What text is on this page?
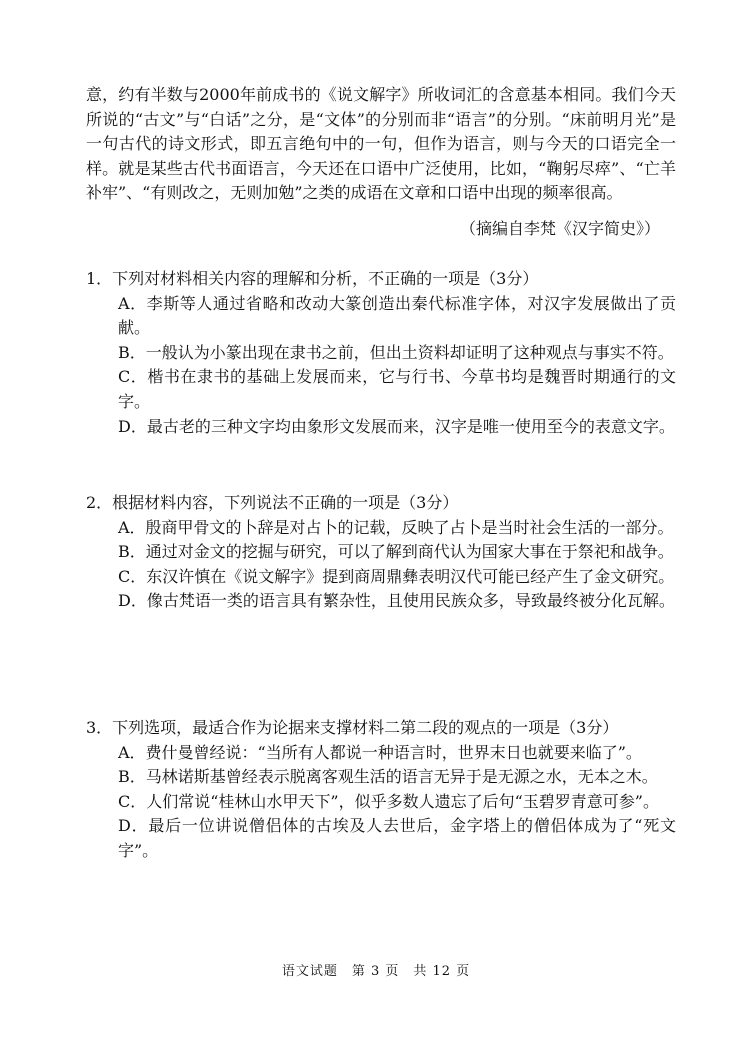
意，约有半数与2000年前成书的《说文解字》所收词汇的含意基本相同。我们今天所说的“古文”与“白话”之分，是“文体”的分别而非“语言”的分别。“床前明月光”是一句古代的诗文形式，即五言绝句中的一句，但作为语言，则与今天的口语完全一样。就是某些古代书面语言，今天还在口语中广泛使用，比如，“鞠躬尽瘁”、“亡羊补牢”、“有则改之，无则加勉”之类的成语在文章和口语中出现的频率很高。

（摘编自李梵《汉字简史》）

1．下列对材料相关内容的理解和分析，不正确的一项是（3分）

A．李斯等人通过省略和改动大篆创造出秦代标准字体，对汉字发展做出了贡献。

B．一般认为小篆出现在隶书之前，但出土资料却证明了这种观点与事实不符。

C．楷书在隶书的基础上发展而来，它与行书、今草书均是魏晋时期通行的文字。

D．最古老的三种文字均由象形文发展而来，汉字是唯一使用至今的表意文字。

2．根据材料内容，下列说法不正确的一项是（3分）

A．殷商甲骨文的卜辞是对占卜的记载，反映了占卜是当时社会生活的一部分。

B．通过对金文的挖掘与研究，可以了解到商代认为国家大事在于祭祀和战争。

C．东汉许慎在《说文解字》提到商周鼎彝表明汉代可能已经产生了金文研究。

D．像古梵语一类的语言具有繁杂性，且使用民族众多，导致最终被分化瓦解。

3．下列选项，最适合作为论据来支撑材料二第二段的观点的一项是（3分）

A．费什曼曾经说：“当所有人都说一种语言时，世界末日也就要来临了”。

B．马林诺斯基曾经表示脱离客观生活的语言无异于是无源之水，无本之木。

C．人们常说“桂林山水甲天下”，似乎多数人遗忘了后句“玉碧罗青意可参”。

D．最后一位讲说僧侣体的古埃及人去世后，金字塔上的僧侣体成为了“死文字”。

语文试题　第 3 页　共 12 页
